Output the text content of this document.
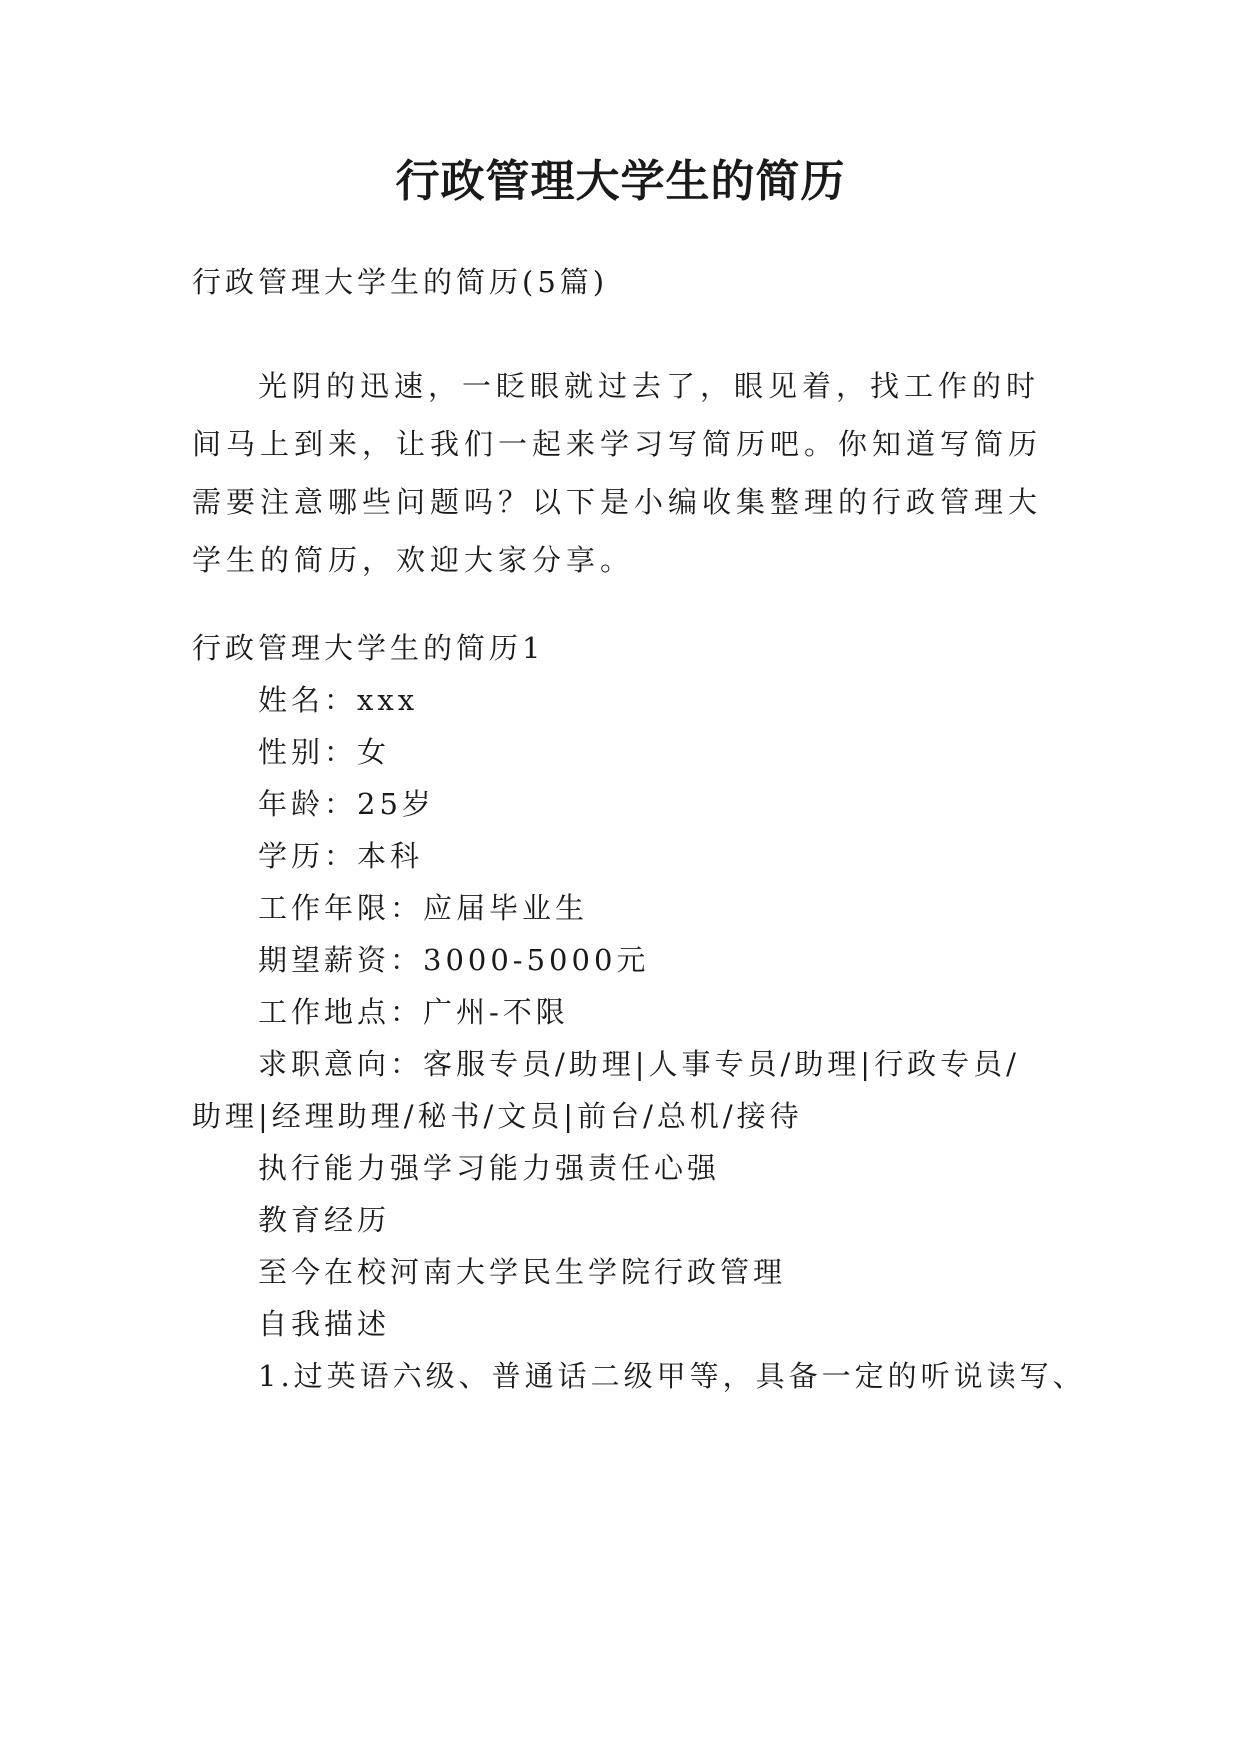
行政管理大学生的简历
行政管理大学生的简历(5篇)
光阴的迅速，一眨眼就过去了，眼见着，找工作的时间马上到来，让我们一起来学习写简历吧。你知道写简历需要注意哪些问题吗？以下是小编收集整理的行政管理大学生的简历，欢迎大家分享。
行政管理大学生的简历1
姓名：xxx
性别：女
年龄：25岁
学历：本科
工作年限：应届毕业生
期望薪资：3000-5000元
工作地点：广州-不限
求职意向：客服专员/助理|人事专员/助理|行政专员/
助理|经理助理/秘书/文员|前台/总机/接待
执行能力强学习能力强责任心强
教育经历
至今在校河南大学民生学院行政管理
自我描述
1.过英语六级、普通话二级甲等，具备一定的听说读写、
